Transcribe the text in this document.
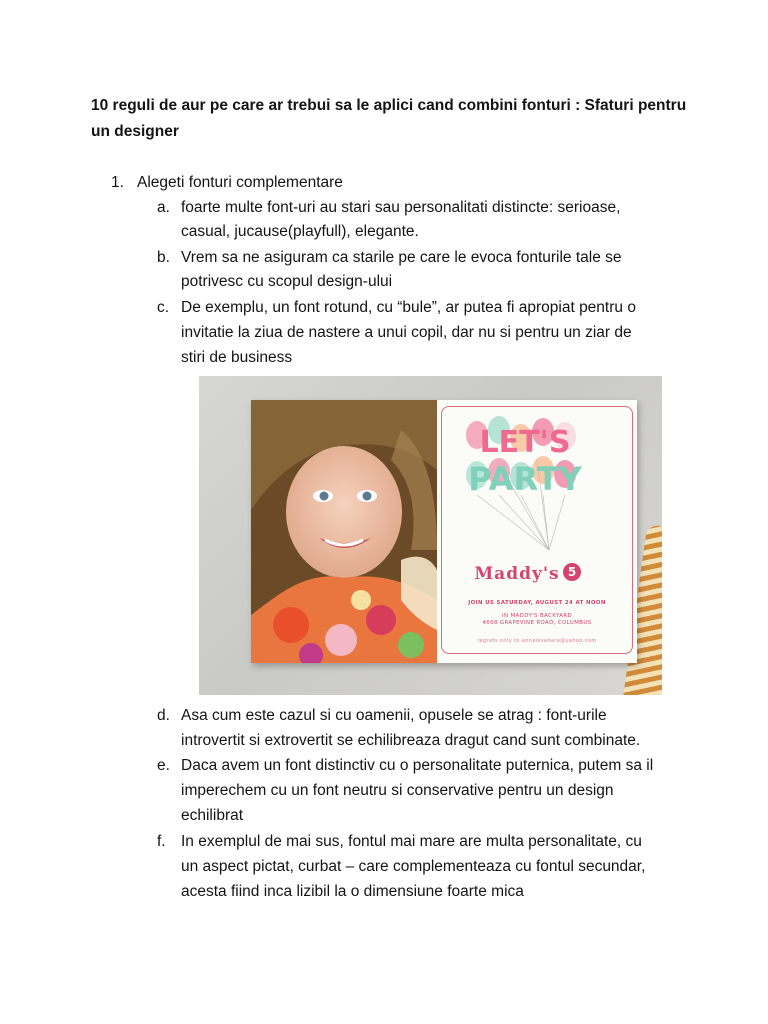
10 reguli de aur pe care ar trebui sa le aplici cand combini fonturi : Sfaturi pentru un designer
1. Alegeti fonturi complementare
a. foarte multe font-uri au stari sau personalitati distincte: serioase,
casual, jucause(playfull), elegante.
b. Vrem sa ne asiguram ca starile pe care le evoca fonturile tale se
potrivesc cu scopul design-ului
c. De exemplu, un font rotund, cu “bule”, ar putea fi apropiat pentru o
invitatie la ziua de nastere a unui copil, dar nu si pentru un ziar de
stiri de business
LET'S
PARTY
Maddy's 5
JOIN US SATURDAY, AUGUST 24 AT NOON
IN MADDY'S BACKYARD
4668 GRAPEVINE ROAD, COLUMBUS
regrets only to anneissahara@yahoo.com
d. Asa cum este cazul si cu oamenii, opusele se atrag : font-urile
introvertit si extrovertit se echilibreaza dragut cand sunt combinate.
e. Daca avem un font distinctiv cu o personalitate puternica, putem sa il
imperechem cu un font neutru si conservative pentru un design
echilibrat
f. In exemplul de mai sus, fontul mai mare are multa personalitate, cu
un aspect pictat, curbat – care complementeaza cu fontul secundar,
acesta fiind inca lizibil la o dimensiune foarte mica
